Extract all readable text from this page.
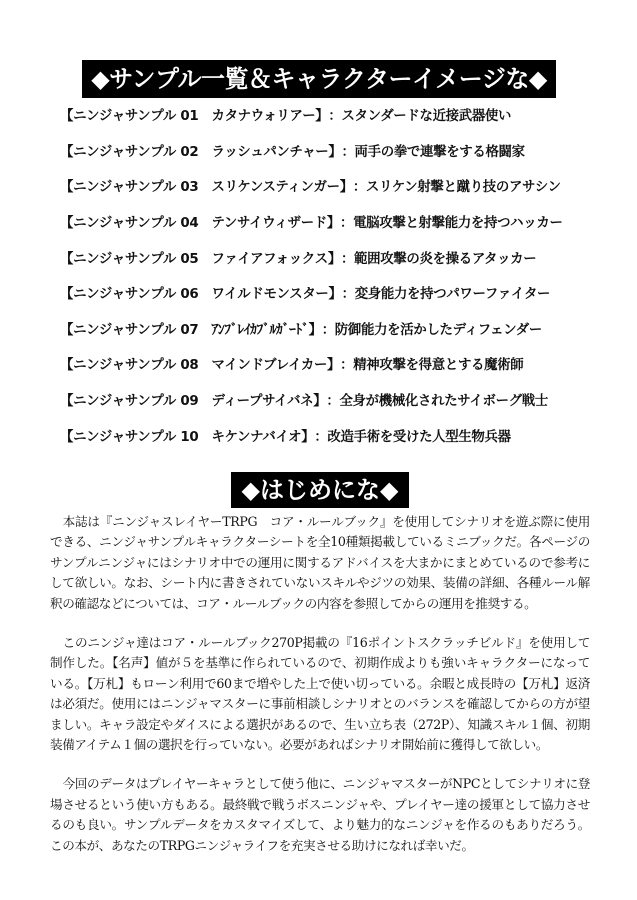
◆サンプル一覧＆キャラクターイメージな◆
【ニンジャサンプル 01　カタナウォリアー】 ：スタンダードな近接武器使い
【ニンジャサンプル 02　ラッシュパンチャー】 ：両手の拳で連撃をする格闘家
【ニンジャサンプル 03　スリケンスティンガー】 ：スリケン射撃と蹴り技のアサシン
【ニンジャサンプル 04　テンサイウィザード】 ：電脳攻撃と射撃能力を持つハッカー
【ニンジャサンプル 05　ファイアフォックス】 ：範囲攻撃の炎を操るアタッカー
【ニンジャサンプル 06　ワイルドモンスター】 ：変身能力を持つパワーファイター
【ニンジャサンプル 07　ｱﾝﾌﾞﾚｲｶﾌﾞﾙｶﾞｰﾄﾞ】 ：防御能力を活かしたディフェンダー
【ニンジャサンプル 08　マインドブレイカー】 ：精神攻撃を得意とする魔術師
【ニンジャサンプル 09　ディープサイバネ】 ：全身が機械化されたサイボーグ戦士
【ニンジャサンプル 10　キケンナバイオ】 ：改造手術を受けた人型生物兵器
◆はじめにな◆

本誌は『ニンジャスレイヤーTRPG　コア・ルールブック』を使用してシナリオを遊ぶ際に使用できる、ニンジャサンプルキャラクターシートを全10種類掲載しているミニブックだ。各ページのサンプルニンジャにはシナリオ中での運用に関するアドバイスを大まかにまとめているので参考にして欲しい。なお、シート内に書きされていないスキルやジツの効果、装備の詳細、各種ルール解釈の確認などについては、コア・ルールブックの内容を参照してからの運用を推奨する。

このニンジャ達はコア・ルールブック270P掲載の『16ポイントスクラッチビルド』を使用して制作した。【名声】値が５を基準に作られているので、初期作成よりも強いキャラクターになっている。【万札】もローン利用で60まで増やした上で使い切っている。余暇と成長時の【万札】返済は必須だ。使用にはニンジャマスターに事前相談しシナリオとのバランスを確認してからの方が望ましい。キャラ設定やダイスによる選択があるので、生い立ち表（272P）、知識スキル１個、初期装備アイテム１個の選択を行っていない。必要があればシナリオ開始前に獲得して欲しい。

今回のデータはプレイヤーキャラとして使う他に、ニンジャマスターがNPCとしてシナリオに登場させるという使い方もある。最終戦で戦うボスニンジャや、プレイヤー達の援軍として協力させるのも良い。サンプルデータをカスタマイズして、より魅力的なニンジャを作るのもありだろう。この本が、あなたのTRPGニンジャライフを充実させる助けになれば幸いだ。
